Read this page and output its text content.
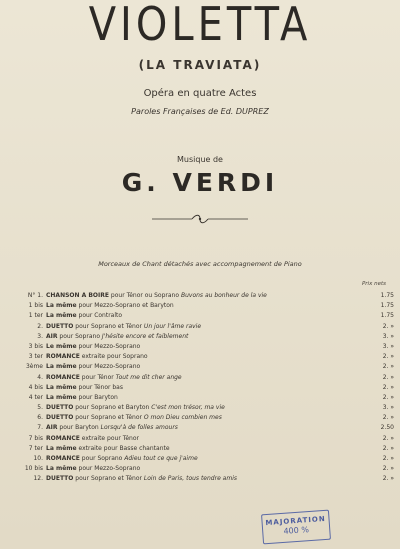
VIOLETTA
(LA TRAVIATA)
Opéra en quatre Actes
Paroles Françaises de Ed. DUPREZ
Musique de
G. VERDI
Morceaux de Chant détachés avec accompagnement de Piano
Prix nets
N° 1. CHANSON A BOIRE pour Ténor ou Soprano Buvons au bonheur de la vie	1.75
1 bis La même pour Mezzo-Soprano et Baryton	1.75
1 ter La même pour Contralto	1.75
2. DUETTO pour Soprano et Ténor Un jour l'âme ravie	2. »
3. AIR pour Soprano J'hésite encore et faiblement	3. »
3 bis Le même pour Mezzo-Soprano	3. »
3 ter ROMANCE extraite pour Soprano	2. »
3ème La même pour Mezzo-Soprano	2. »
4. ROMANCE pour Ténor Tout me dit cher ange	2. »
4 bis La même pour Ténor bas	2. »
4 ter La même pour Baryton	2. »
5. DUETTO pour Soprano et Baryton C'est mon trésor, ma vie	3. »
6. DUETTO pour Soprano et Ténor O mon Dieu combien mes	2. »
7. AIR pour Baryton Lorsqu'à de folles amours	2.50
7 bis ROMANCE extraite pour Ténor	2. »
7 ter La même extraite pour Basse chantante	2. »
10. ROMANCE pour Soprano Adieu tout ce que j'aime	2. »
10 bis La même pour Mezzo-Soprano	2. »
12. DUETTO pour Soprano et Ténor Loin de Paris, tous tendre amis	2. »
MAJORATION
400 %
